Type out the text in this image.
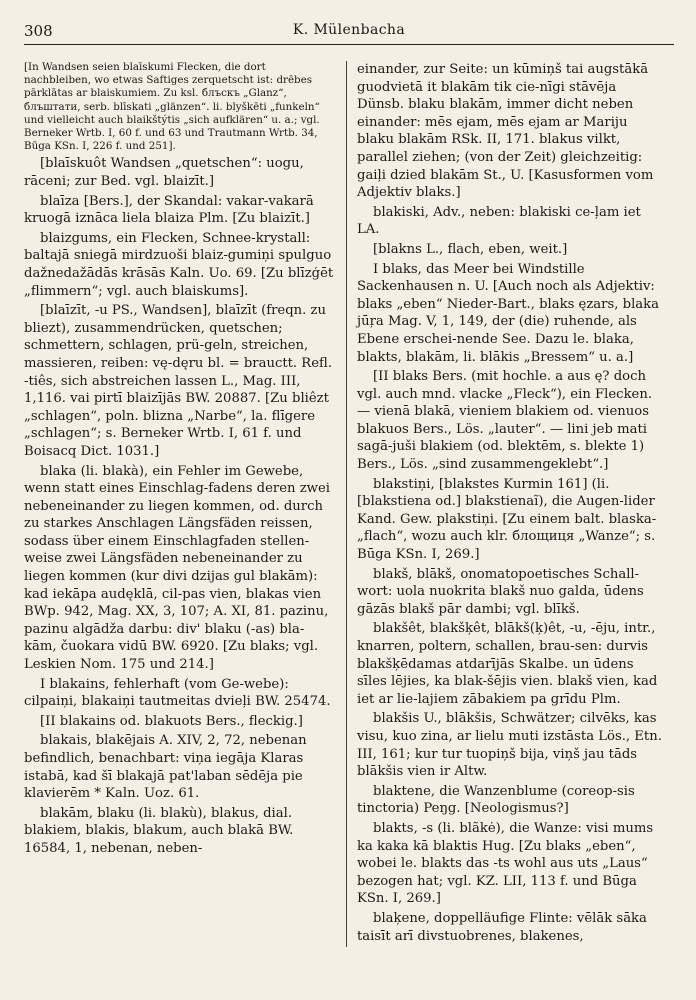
308	K. Mülenbacha

[In Wandsen seien blaīskumi Flecken, die dort nachbleiben, wo etwas Saftiges zerquetscht ist: drēbes pārklātas ar blaiskumiem. Zu ksl. блъскъ „Glanz“, блъштати, serb. blīskati „glänzen“. li. blyškēti „funkeln“ und vielleicht auch blaikštýtis „sich aufklären“ u. a.; vgl. Berneker Wrtb. I, 60 f. und 63 und Trautmann Wrtb. 34, Būga KSn. I, 226 f. und 251].

[blaīskuôt Wandsen „quetschen“: uogu, rāceni; zur Bed. vgl. blaizīt.]

blaīza [Bers.], der Skandal: vakar-vakarā kruogā iznāca liela blaiza Plm. [Zu blaizīt.]

blaizgums, ein Flecken, Schnee-krystall: baltajā sniegā mirdzuoši blaiz-gumiņi spulguo dažnedažādās krāsās Kaln. Uo. 69. [Zu blīzģēt „flimmern“; vgl. auch blaiskums].

[blaīzīt, -u PS., Wandsen], blaīzīt (freqn. zu bliezt), zusammendrücken, quetschen; schmettern, schlagen, prü-geln, streichen, massieren, reiben: vę-dęru bl. = brauctt. Refl. -tiês, sich abstreichen lassen L., Mag. III, 1,116. vai pirtī blaizījās BW. 20887. [Zu bliêzt „schlagen“, poln. blizna „Narbe“, la. flīgere „schlagen“; s. Berneker Wrtb. I, 61 f. und Boisacq Dict. 1031.]

blaka (li. blakà), ein Fehler im Gewebe, wenn statt eines Einschlag-fadens deren zwei nebeneinander zu liegen kommen, od. durch zu starkes Anschlagen Längsfäden reissen, sodass über einem Einschlagfaden stellen-weise zwei Längsfäden nebeneinander zu liegen kommen (kur divi dzijas gul blakām): kad iekāpa audęklā, cil-pas vien, blakas vien BWp. 942, Mag. XX, 3, 107; A. XI, 81. pazinu, pazinu algādža darbu: div' blaku (-as) bla-kām, čuokara vidū BW. 6920. [Zu blaks; vgl. Leskien Nom. 175 und 214.]

I blakains, fehlerhaft (vom Ge-webe): cilpaiņi, blakaiņi tautmeitas dvieļi BW. 25474.

[II blakains od. blakuots Bers., fleckig.]

blakais, blakējais A. XIV, 2, 72, nebenan befindlich, benachbart: viņa iegāja Klaras istabā, kad šī blakajā pat'laban sēdēja pie klavierēm * Kaln. Uoz. 61.

blakām, blaku (li. blakù), blakus, dial. blakiem, blakis, blakum, auch blakā BW. 16584, 1, nebenan, neben-

einander, zur Seite: un kūmiņš tai augstākā guodvietā it blakām tik cie-nīgi stāvēja Dünsb. blaku blakām, immer dicht neben einander: mēs ejam, mēs ejam ar Mariju blaku blakām RSk. II, 171. blakus vilkt, parallel ziehen; (von der Zeit) gleichzeitig: gaiļi dzied blakām St., U. [Kasusformen vom Adjektiv blaks.]

blakiski, Adv., neben: blakiski ce-ļam iet LA.

[blakns L., flach, eben, weit.]

I blaks, das Meer bei Windstille Sackenhausen n. U. [Auch noch als Adjektiv: blaks „eben“ Nieder-Bart., blaks ęzars, blaka jūŗa Mag. V, 1, 149, der (die) ruhende, als Ebene erschei-nende See. Dazu le. blaka, blakts, blakām, li. blākis „Bressem“ u. a.]

[II blaks Bers. (mit hochle. a aus ę? doch vgl. auch mnd. vlacke „Fleck“), ein Flecken. — vienā blakā, vieniem blakiem od. vienuos blakuos Bers., Lös. „lauter“. — lini jeb mati sagā-juši blakiem (od. blektēm, s. blekte 1) Bers., Lös. „sind zusammengeklebt“.]

blakstiņi, [blakstes Kurmin 161] (li. [blakstiena od.] blakstienaĩ), die Augen-lider Kand. Gew. plakstiņi. [Zu einem balt. blaska- „flach“, wozu auch klr. блощиця „Wanze“; s. Būga KSn. I, 269.]

blakš, blākš, onomatopoetisches Schall-wort: uola nuokrita blakš nuo galda, ūdens gāzās blakš pār dambi; vgl. blīkš.

blakšêt, blakšķêt, blākš(ķ)êt, -u, -ēju, intr., knarren, poltern, schallen, brau-sen: durvis blakšķēdamas atdarījās Skalbe. un ūdens sīles lējies, ka blak-šējis vien. blakš vien, kad iet ar lie-lajiem zābakiem pa grīdu Plm.

blakšis U., blākšis, Schwätzer; cilvēks, kas visu, kuo zina, ar lielu muti izstāsta Lös., Etn. III, 161; kur tur tuopiņš bija, viņš jau tāds blākšis vien ir Altw.

blaktene, die Wanzenblume (coreop-sis tinctoria) Peŋg. [Neologismus?]

blakts, -s (li. blãkė), die Wanze: visi mums ka kaka kā blaktis Hug. [Zu blaks „eben“, wobei le. blakts das -ts wohl aus uts „Laus“ bezogen hat; vgl. KZ. LII, 113 f. und Būga KSn. I, 269.]

blaķene, doppelläufige Flinte: vēlāk sāka taisīt arī divstuobrenes, blakenes,
